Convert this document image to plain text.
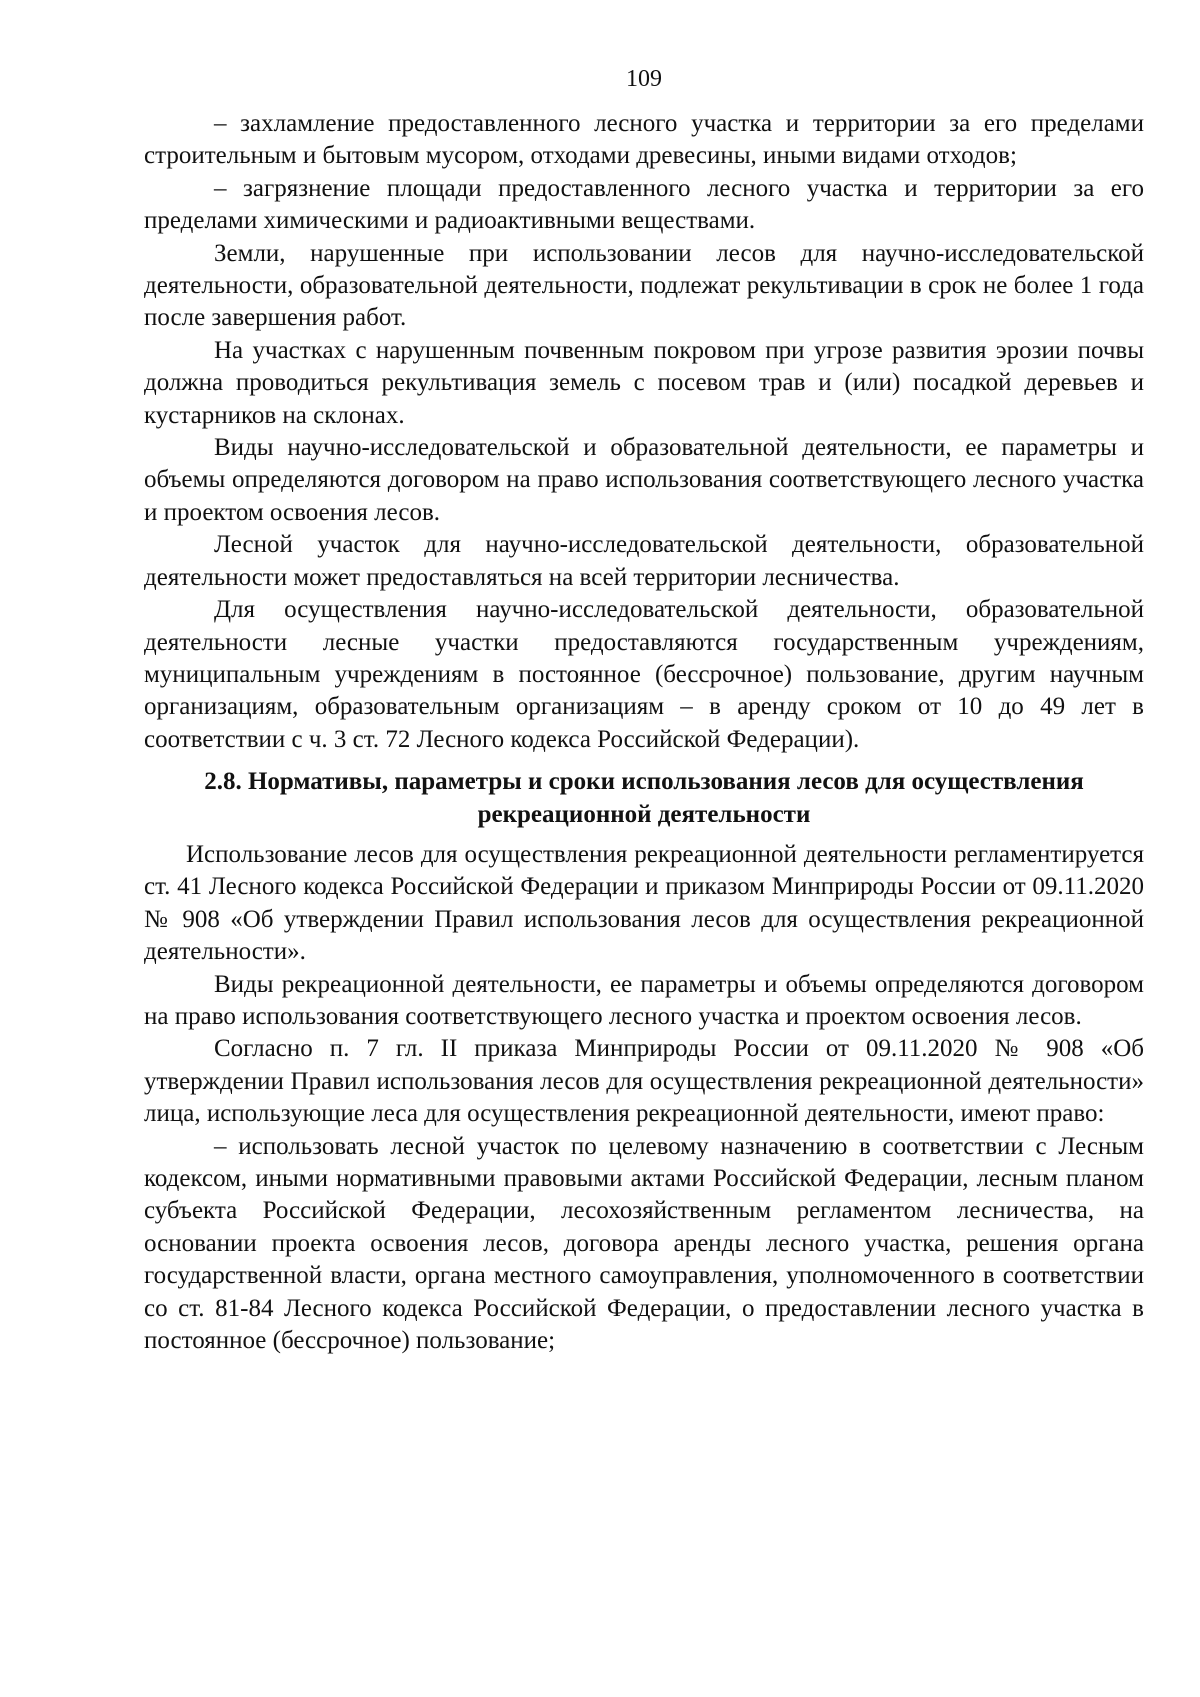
109

– захламление предоставленного лесного участка и территории за его пределами строительным и бытовым мусором, отходами древесины, иными видами отходов;

– загрязнение площади предоставленного лесного участка и территории за его пределами химическими и радиоактивными веществами.

Земли, нарушенные при использовании лесов для научно-исследовательской деятельности, образовательной деятельности, подлежат рекультивации в срок не более 1 года после завершения работ.

На участках с нарушенным почвенным покровом при угрозе развития эрозии почвы должна проводиться рекультивация земель с посевом трав и (или) посадкой деревьев и кустарников на склонах.

Виды научно-исследовательской и образовательной деятельности, ее параметры и объемы определяются договором на право использования соответствующего лесного участка и проектом освоения лесов.

Лесной участок для научно-исследовательской деятельности, образовательной деятельности может предоставляться на всей территории лесничества.

Для осуществления научно-исследовательской деятельности, образовательной деятельности лесные участки предоставляются государственным учреждениям, муниципальным учреждениям в постоянное (бессрочное) пользование, другим научным организациям, образовательным организациям – в аренду сроком от 10 до 49 лет в соответствии с ч. 3 ст. 72 Лесного кодекса Российской Федерации).

2.8. Нормативы, параметры и сроки использования лесов для осуществления рекреационной деятельности

Использование лесов для осуществления рекреационной деятельности регламентируется ст. 41 Лесного кодекса Российской Федерации и приказом Минприроды России от 09.11.2020 № 908 «Об утверждении Правил использования лесов для осуществления рекреационной деятельности».

Виды рекреационной деятельности, ее параметры и объемы определяются договором на право использования соответствующего лесного участка и проектом освоения лесов.

Согласно п. 7 гл. II приказа Минприроды России от 09.11.2020 № 908 «Об утверждении Правил использования лесов для осуществления рекреационной деятельности» лица, использующие леса для осуществления рекреационной деятельности, имеют право:

– использовать лесной участок по целевому назначению в соответствии с Лесным кодексом, иными нормативными правовыми актами Российской Федерации, лесным планом субъекта Российской Федерации, лесохозяйственным регламентом лесничества, на основании проекта освоения лесов, договора аренды лесного участка, решения органа государственной власти, органа местного самоуправления, уполномоченного в соответствии со ст. 81-84 Лесного кодекса Российской Федерации, о предоставлении лесного участка в постоянное (бессрочное) пользование;
